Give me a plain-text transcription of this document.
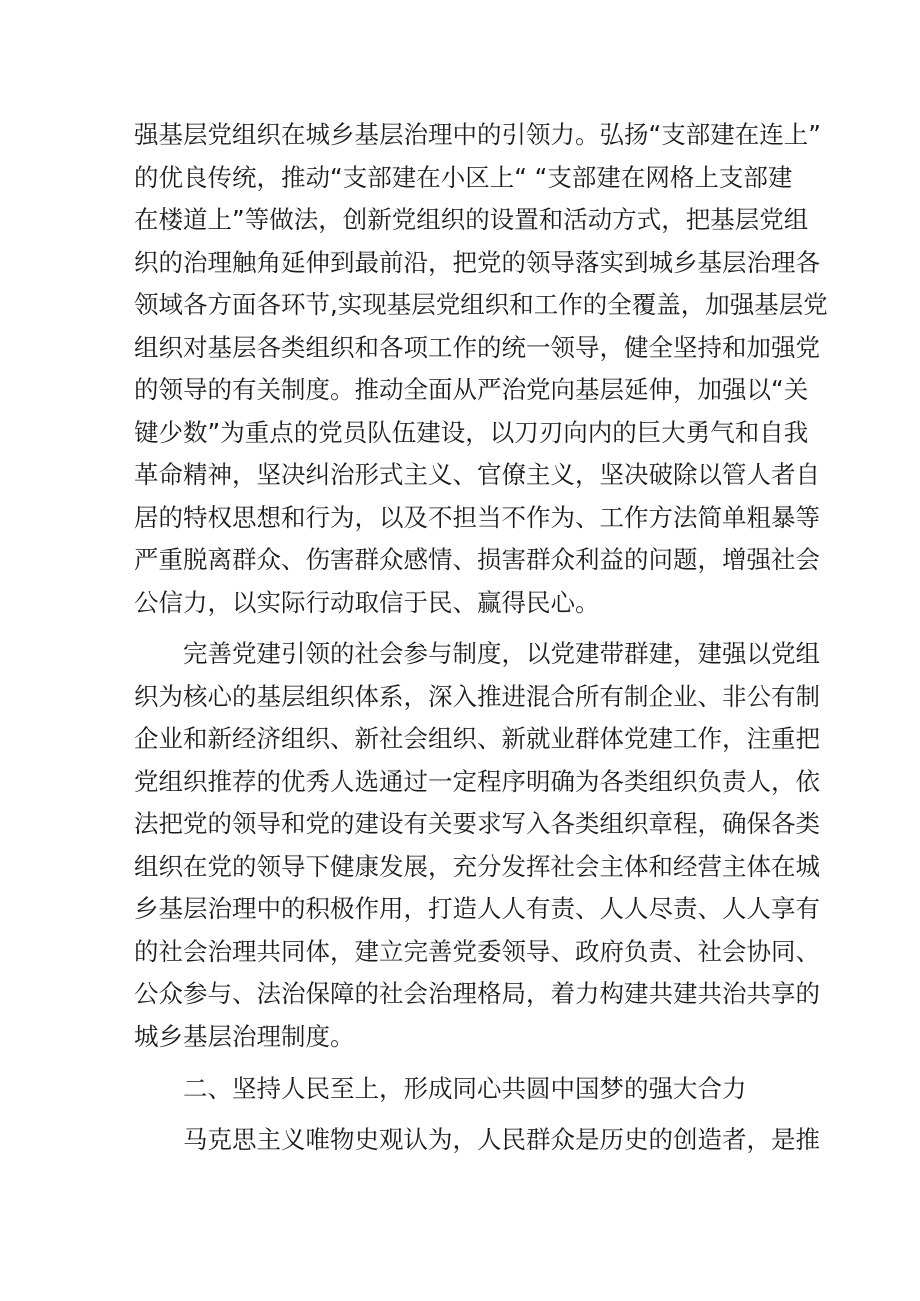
强基层党组织在城乡基层治理中的引领力。弘扬“支部建在连上”
的优良传统，推动“支部建在小区上“ “支部建在网格上支部建
在楼道上”等做法，创新党组织的设置和活动方式，把基层党组
织的治理触角延伸到最前沿，把党的领导落实到城乡基层治理各
领域各方面各环节,实现基层党组织和工作的全覆盖，加强基层党
组织对基层各类组织和各项工作的统一领导，健全坚持和加强党
的领导的有关制度。推动全面从严治党向基层延伸，加强以“关
键少数”为重点的党员队伍建设，以刀刃向内的巨大勇气和自我
革命精神，坚决纠治形式主义、官僚主义，坚决破除以管人者自
居的特权思想和行为，以及不担当不作为、工作方法简单粗暴等
严重脱离群众、伤害群众感情、损害群众利益的问题，增强社会
公信力，以实际行动取信于民、赢得民心。

完善党建引领的社会参与制度，以党建带群建，建强以党组
织为核心的基层组织体系，深入推进混合所有制企业、非公有制
企业和新经济组织、新社会组织、新就业群体党建工作，注重把
党组织推荐的优秀人选通过一定程序明确为各类组织负责人，依
法把党的领导和党的建设有关要求写入各类组织章程，确保各类
组织在党的领导下健康发展，充分发挥社会主体和经营主体在城
乡基层治理中的积极作用，打造人人有责、人人尽责、人人享有
的社会治理共同体，建立完善党委领导、政府负责、社会协同、
公众参与、法治保障的社会治理格局，着力构建共建共治共享的
城乡基层治理制度。

二、坚持人民至上，形成同心共圆中国梦的强大合力

马克思主义唯物史观认为，人民群众是历史的创造者，是推
